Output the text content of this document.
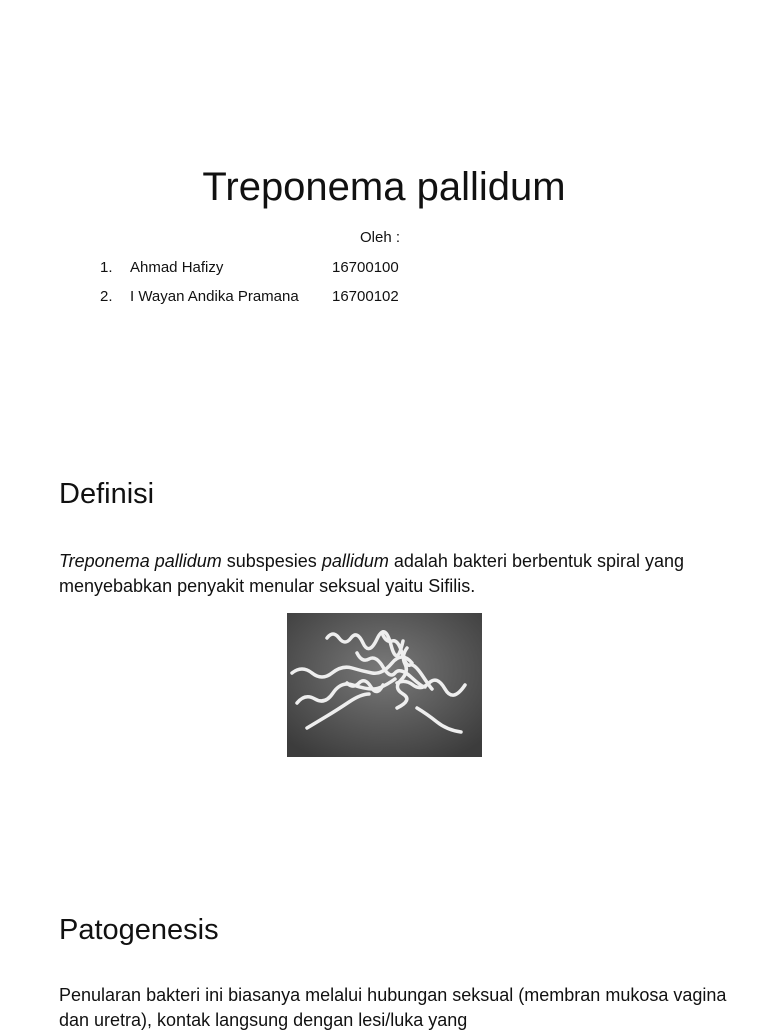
Treponema pallidum
Oleh :
1. Ahmad Hafizy	16700100
2. I Wayan Andika Pramana 16700102
Definisi

Treponema pallidum subspesies pallidum adalah bakteri berbentuk spiral yang menyebabkan penyakit menular seksual yaitu Sifilis.

Patogenesis

Penularan bakteri ini biasanya melalui hubungan seksual (membran mukosa vagina dan uretra), kontak langsung dengan lesi/luka yang
